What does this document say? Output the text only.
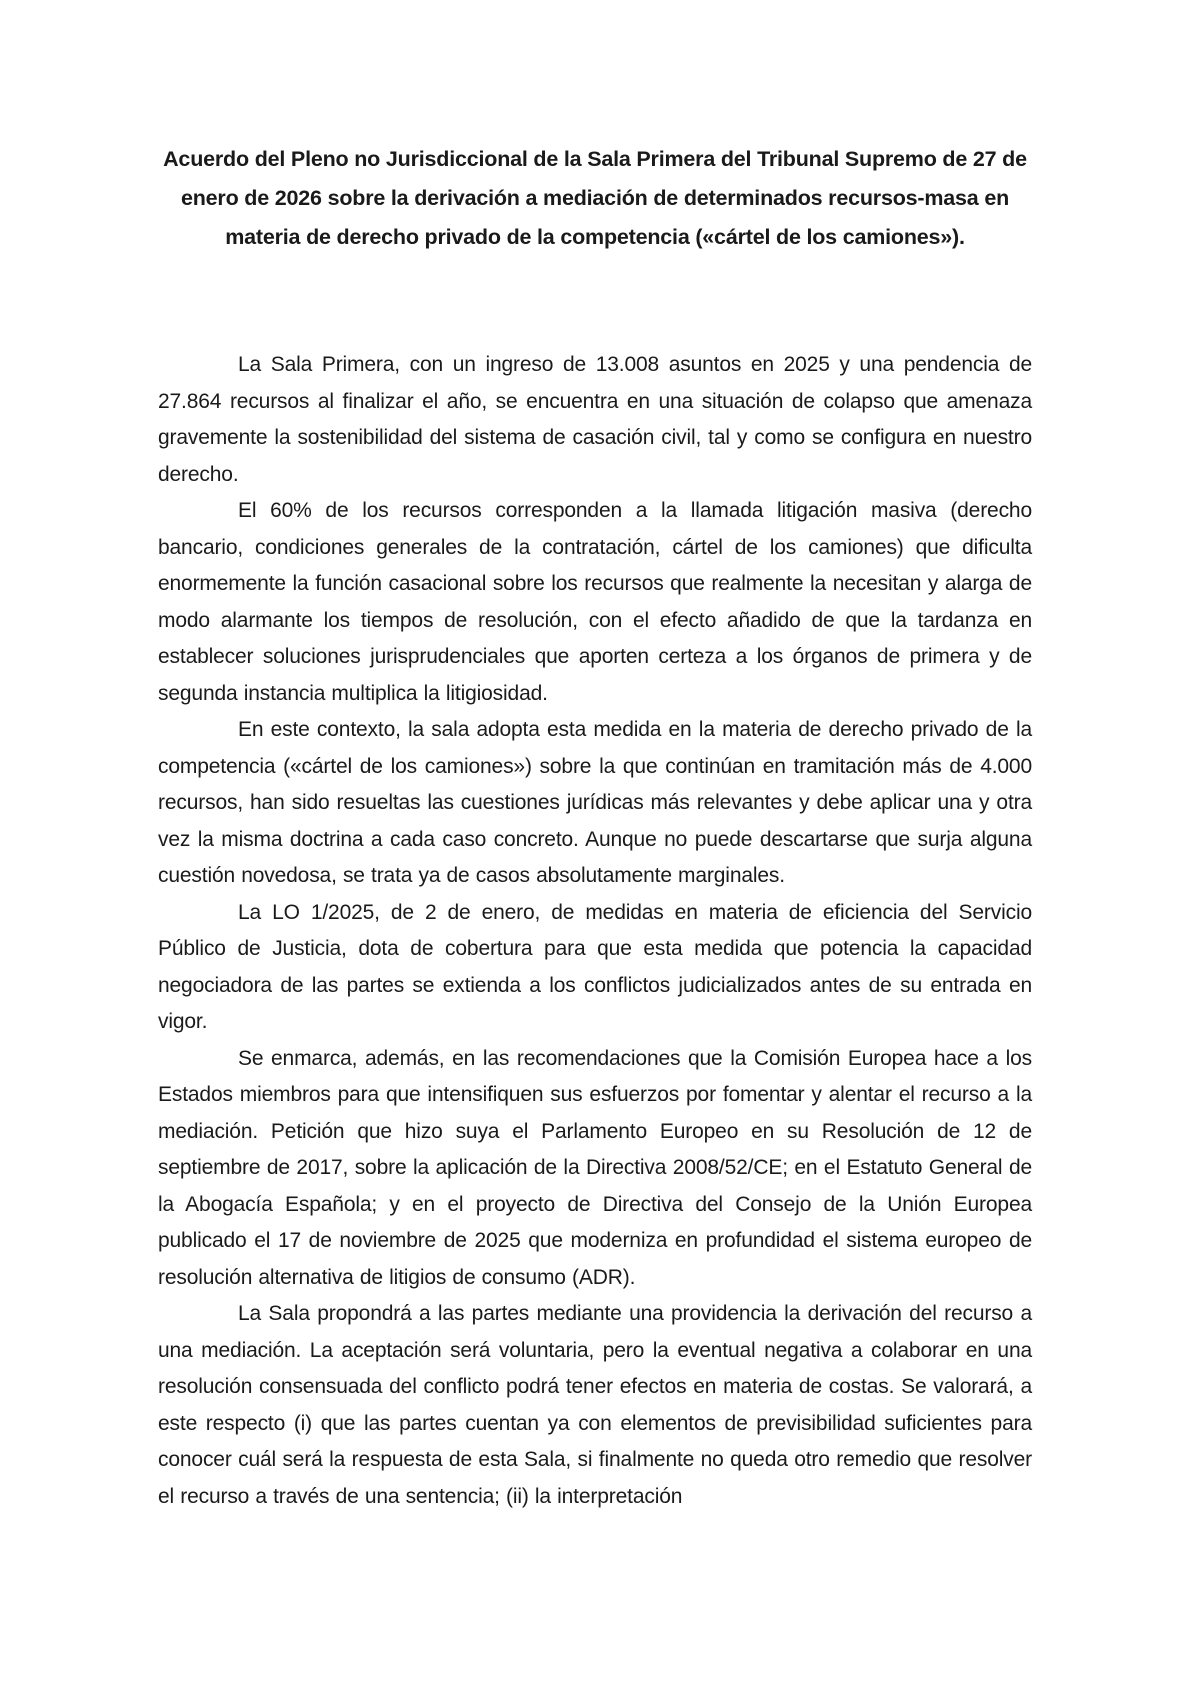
Acuerdo del Pleno no Jurisdiccional de la Sala Primera del Tribunal Supremo de 27 de enero de 2026 sobre la derivación a mediación de determinados recursos-masa en materia de derecho privado de la competencia («cártel de los camiones»).

La Sala Primera, con un ingreso de 13.008 asuntos en 2025 y una pendencia de 27.864 recursos al finalizar el año, se encuentra en una situación de colapso que amenaza gravemente la sostenibilidad del sistema de casación civil, tal y como se configura en nuestro derecho.

El 60% de los recursos corresponden a la llamada litigación masiva (derecho bancario, condiciones generales de la contratación, cártel de los camiones) que dificulta enormemente la función casacional sobre los recursos que realmente la necesitan y alarga de modo alarmante los tiempos de resolución, con el efecto añadido de que la tardanza en establecer soluciones jurisprudenciales que aporten certeza a los órganos de primera y de segunda instancia multiplica la litigiosidad.

En este contexto, la sala adopta esta medida en la materia de derecho privado de la competencia («cártel de los camiones») sobre la que continúan en tramitación más de 4.000 recursos, han sido resueltas las cuestiones jurídicas más relevantes y debe aplicar una y otra vez la misma doctrina a cada caso concreto. Aunque no puede descartarse que surja alguna cuestión novedosa, se trata ya de casos absolutamente marginales.

La LO 1/2025, de 2 de enero, de medidas en materia de eficiencia del Servicio Público de Justicia, dota de cobertura para que esta medida que potencia la capacidad negociadora de las partes se extienda a los conflictos judicializados antes de su entrada en vigor.

Se enmarca, además, en las recomendaciones que la Comisión Europea hace a los Estados miembros para que intensifiquen sus esfuerzos por fomentar y alentar el recurso a la mediación. Petición que hizo suya el Parlamento Europeo en su Resolución de 12 de septiembre de 2017, sobre la aplicación de la Directiva 2008/52/CE; en el Estatuto General de la Abogacía Española; y en el proyecto de Directiva del Consejo de la Unión Europea publicado el 17 de noviembre de 2025 que moderniza en profundidad el sistema europeo de resolución alternativa de litigios de consumo (ADR).

La Sala propondrá a las partes mediante una providencia la derivación del recurso a una mediación. La aceptación será voluntaria, pero la eventual negativa a colaborar en una resolución consensuada del conflicto podrá tener efectos en materia de costas. Se valorará, a este respecto (i) que las partes cuentan ya con elementos de previsibilidad suficientes para conocer cuál será la respuesta de esta Sala, si finalmente no queda otro remedio que resolver el recurso a través de una sentencia; (ii) la interpretación
